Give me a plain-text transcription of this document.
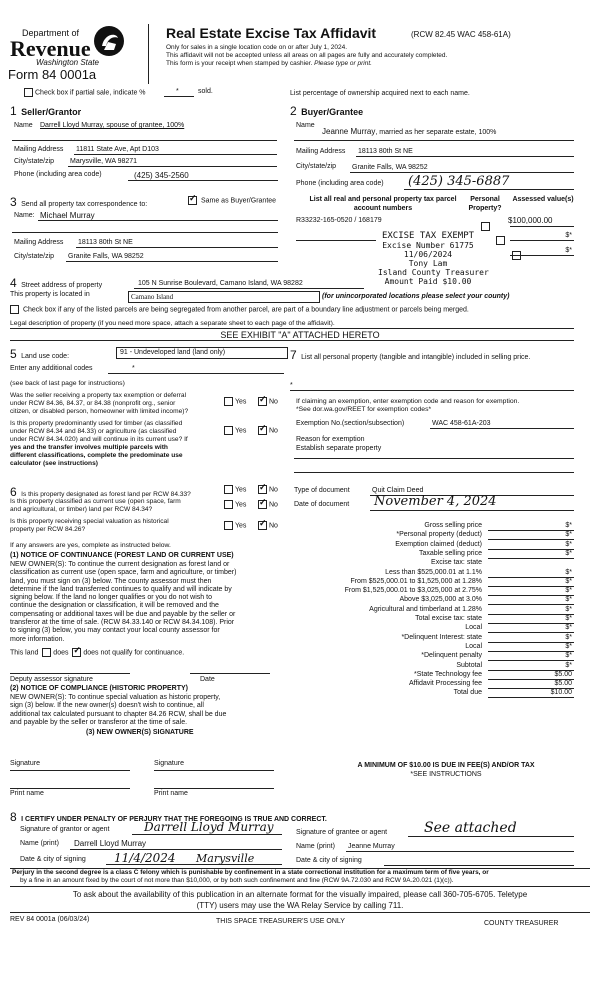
Department of
Revenue
Washington State
Form 84 0001a
Real Estate Excise Tax Affidavit	(RCW 82.45 WAC 458-61A)
Only for sales in a single location code on or after July 1, 2024.
This affidavit will not be accepted unless all areas on all pages are fully and accurately completed.
This form is your receipt when stamped by cashier. Please type or print.
Check box if partial sale, indicate %	*	sold.	List percentage of ownership acquired next to each name.
1 Seller/Grantor
Name Darrell Lloyd Murray, spouse of grantee, 100%
Mailing Address 11811 State Ave, Apt D103
City/state/zip Marysville, WA 98271
Phone (including area code)	(425) 345-2560
2 Buyer/Grantee
Name
Jeanne Murray, married as her separate estate, 100%
Mailing Address 18113 80th St NE
City/state/zip Granite Falls, WA 98252
Phone (including area code) (425) 345-6887
3 Send all property tax correspondence to:
✓ Same as Buyer/Grantee
Name: Michael Murray
Mailing Address 18113 80th St NE
City/state/zip Granite Falls, WA 98252
List all real and personal property tax parcel account numbers
Personal Property?
Assessed value(s)
R33232-165-0520 / 168179
	$100,000.00

$*
$*
EXCISE TAX EXEMPT
Excise Number 61775
11/06/2024
Tony Lam
Island County Treasurer
Amount Paid $10.00
4 Street address of property	105 N Sunrise Boulevard, Camano Island, WA 98282
This property is located in	Camano Island	(for unincorporated locations please select your county)
Check box if any of the listed parcels are being segregated from another parcel, are part of a boundary line adjustment or parcels being merged.
Legal description of property (if you need more space, attach a separate sheet to each page of the affidavit).
SEE EXHIBIT "A" ATTACHED HERETO
5 Land use code:
91 - Undeveloped land (land only)
Enter any additional codes	*
(see back of last page for instructions)
Was the seller receiving a property tax exemption or deferral
under RCW 84.36, 84.37, or 84.38 (nonprofit org., senior
citizen, or disabled person, homeowner with limited income)?
Yes ✓	No
Is this property predominantly used for timber (as classified
under RCW 84.34 and 84.33) or agriculture (as classified
under RCW 84.34.020) and will continue in its current use? If
yes and the transfer involves multiple parcels with
different classifications, complete the predominate use
calculator (see instructions)
Yes ✓	No
7 List all personal property (tangible and intangible) included in selling price.
*
If claiming an exemption, enter exemption code and reason for exemption.
*See dor.wa.gov/REET for exemption codes*
Exemption No.(section/subsection)	WAC 458-61A-203
Reason for exemption
Establish separate property
6 Is this property designated as forest land per RCW 84.33?
Yes ✓	No
Is this property classified as current use (open space, farm
and agricultural, or timber) land per RCW 84.34?
Yes ✓	No
Is this property receiving special valuation as historical
property per RCW 84.26?
Yes ✓	No
If any answers are yes, complete as instructed below.
(1) NOTICE OF CONTINUANCE (FOREST LAND OR CURRENT USE)
NEW OWNER(S): To continue the current designation as forest land or
classification as current use (open space, farm and agriculture, or timber)
land, you must sign on (3) below. The county assessor must then
determine if the land transferred continues to qualify and will indicate by
signing below. If the land no longer qualifies or you do not wish to
continue the designation or classification, it will be removed and the
compensating or additional taxes will be due and payable by the seller or
transferor at the time of sale. (RCW 84.33.140 or RCW 84.34.108). Prior
to signing (3) below, you may contact your local county assessor for
more information.
This land does ✓ does not qualify for continuance.
Deputy assessor signature	Date
(2) NOTICE OF COMPLIANCE (HISTORIC PROPERTY)
NEW OWNER(S): To continue special valuation as historic property,
sign (3) below. If the new owner(s) doesn't wish to continue, all
additional tax calculated pursuant to chapter 84.26 RCW, shall be due
and payable by the seller or transferor at the time of sale.
(3) NEW OWNER(S) SIGNATURE
Signature	Signature
Print name	Print name
Type of document	Quit Claim Deed
Date of document November 4, 2024
Gross selling price	$*
*Personal property (deduct)	$*
Exemption claimed (deduct)	$*
Taxable selling price	$*
Excise tax: state
Less than $525,000.01 at 1.1%	$*
From $525,000.01 to $1,525,000 at 1.28%	$*
From $1,525,000.01 to $3,025,000 at 2.75%	$*
Above $3,025,000 at 3.0%	$*
Agricultural and timberland at 1.28%	$*
Total excise tax: state	$*
Local	$*
*Delinquent Interest: state	$*
Local	$*
*Delinquent penalty	$*
Subtotal	$*
*State Technology fee	$5.00
Affidavit Processing fee	$5.00
Total due	$10.00
A MINIMUM OF $10.00 IS DUE IN FEE(S) AND/OR TAX
*SEE INSTRUCTIONS
8 I CERTIFY UNDER PENALTY OF PERJURY THAT THE FOREGOING IS TRUE AND CORRECT.
Signature of grantor or agent	Darrell Lloyd Murray	Signature of grantee or agent	See attached
Name (print) Darrell Lloyd Murray	Name (print) Jeanne Murray
Date & city of signing 11/4/2024 Marysville	Date & city of signing
Perjury in the second degree is a class C felony which is punishable by confinement in a state correctional institution for a maximum term of five years, or
by a fine in an amount fixed by the court of not more than $10,000, or by both such confinement and fine (RCW 9A.72.030 and RCW 9A.20.021 (1)(c)).
To ask about the availability of this publication in an alternate format for the visually impaired, please call 360-705-6705. Teletype
(TTY) users may use the WA Relay Service by calling 711.
REV 84 0001a (06/03/24)	THIS SPACE TREASURER'S USE ONLY	COUNTY TREASURER
